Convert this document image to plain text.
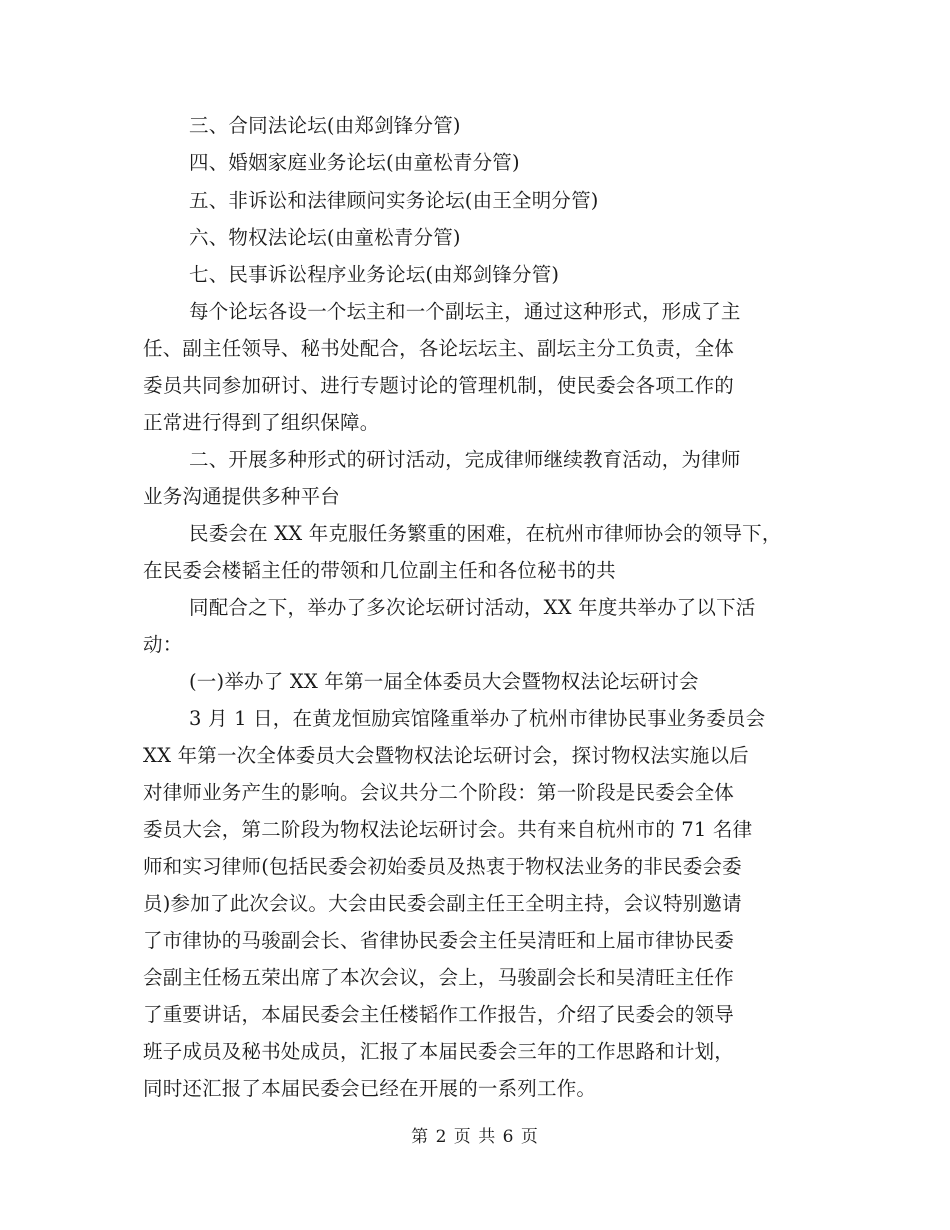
三、合同法论坛(由郑剑锋分管)
四、婚姻家庭业务论坛(由童松青分管)
五、非诉讼和法律顾问实务论坛(由王全明分管)
六、物权法论坛(由童松青分管)
七、民事诉讼程序业务论坛(由郑剑锋分管)
每个论坛各设一个坛主和一个副坛主，通过这种形式，形成了主
任、副主任领导、秘书处配合，各论坛坛主、副坛主分工负责，全体
委员共同参加研讨、进行专题讨论的管理机制，使民委会各项工作的
正常进行得到了组织保障。
二、开展多种形式的研讨活动，完成律师继续教育活动，为律师
业务沟通提供多种平台
民委会在 XX 年克服任务繁重的困难，在杭州市律师协会的领导下，
在民委会楼韬主任的带领和几位副主任和各位秘书的共
同配合之下，举办了多次论坛研讨活动，XX 年度共举办了以下活
动：
(一)举办了 XX 年第一届全体委员大会暨物权法论坛研讨会
3 月 1 日，在黄龙恒励宾馆隆重举办了杭州市律协民事业务委员会
XX 年第一次全体委员大会暨物权法论坛研讨会，探讨物权法实施以后
对律师业务产生的影响。会议共分二个阶段：第一阶段是民委会全体
委员大会，第二阶段为物权法论坛研讨会。共有来自杭州市的 71 名律
师和实习律师(包括民委会初始委员及热衷于物权法业务的非民委会委
员)参加了此次会议。大会由民委会副主任王全明主持，会议特别邀请
了市律协的马骏副会长、省律协民委会主任吴清旺和上届市律协民委
会副主任杨五荣出席了本次会议，会上，马骏副会长和吴清旺主任作
了重要讲话，本届民委会主任楼韬作工作报告，介绍了民委会的领导
班子成员及秘书处成员，汇报了本届民委会三年的工作思路和计划，
同时还汇报了本届民委会已经在开展的一系列工作。
第 2 页 共 6 页
